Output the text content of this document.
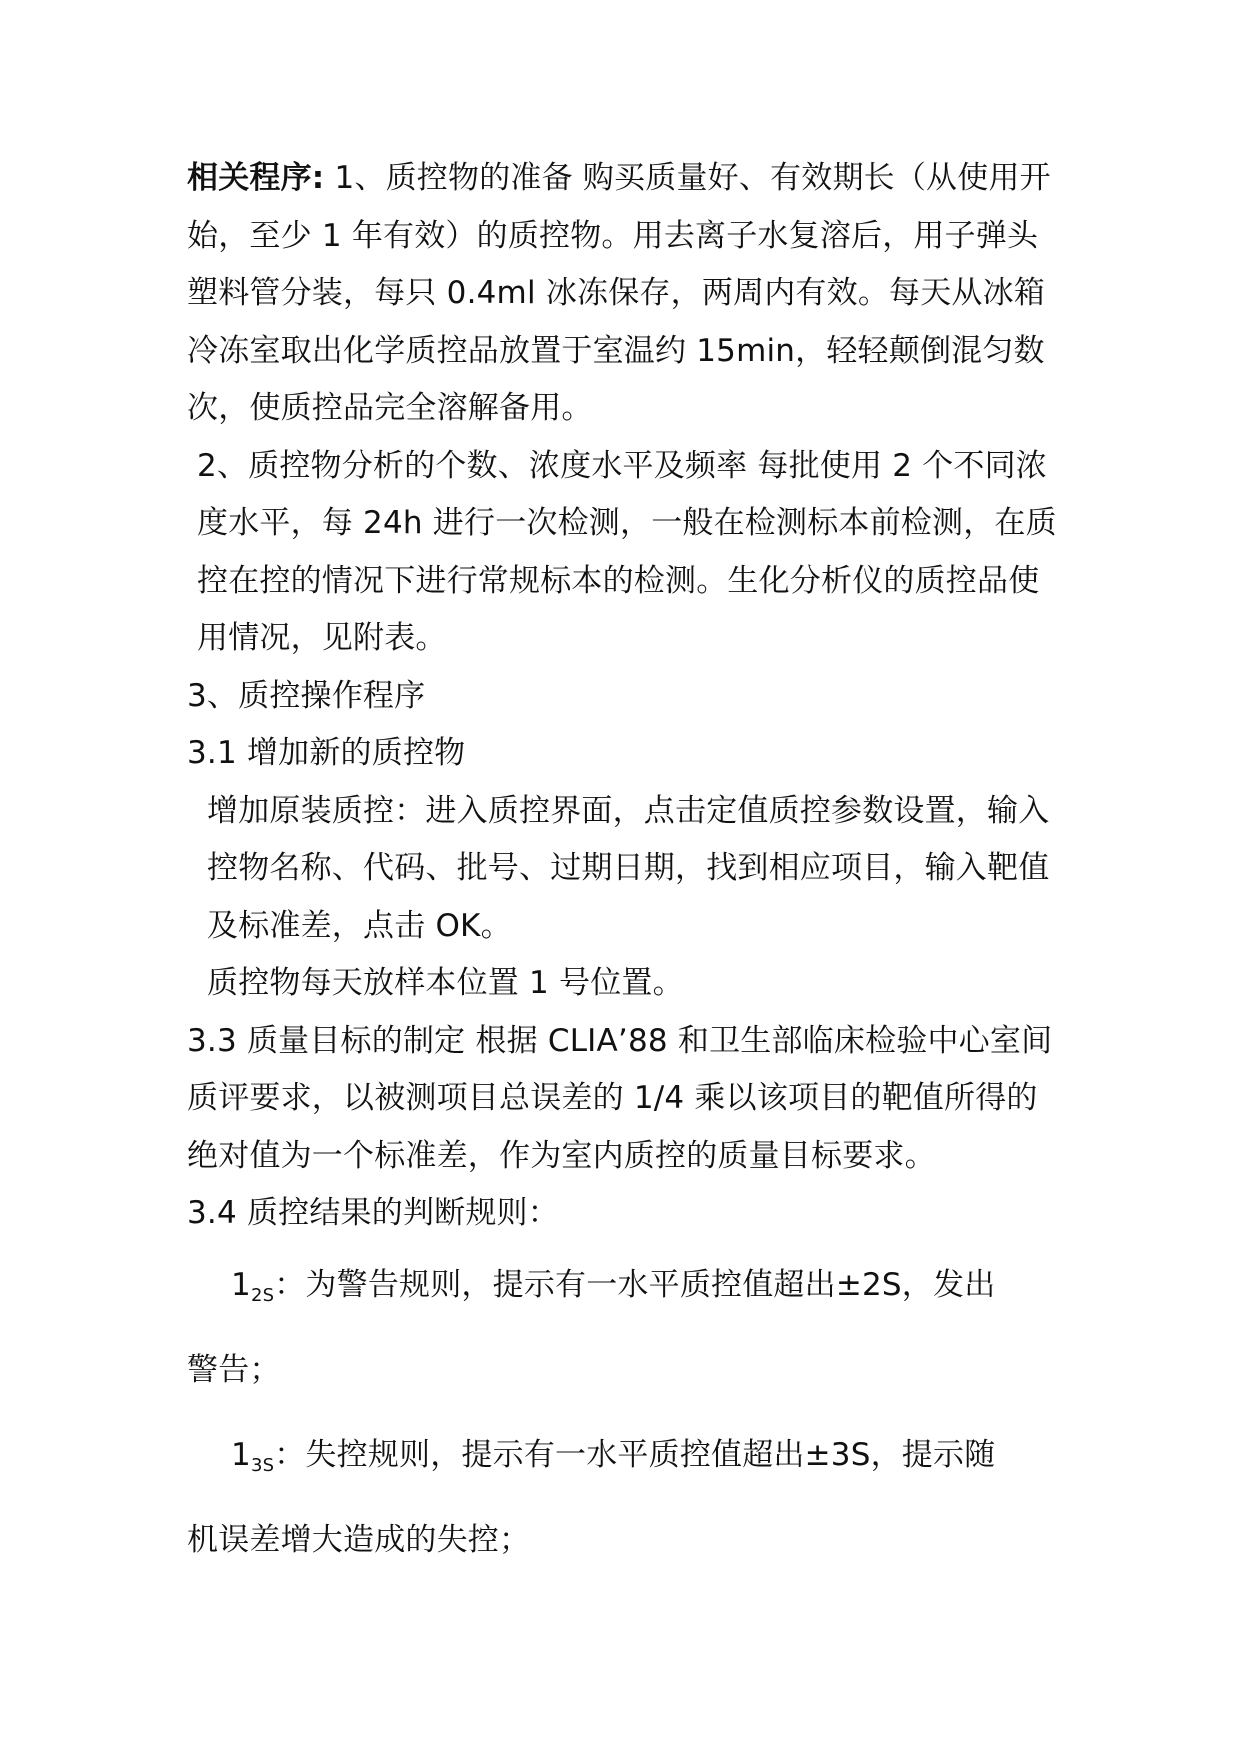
相关程序: 1、质控物的准备 购买质量好、有效期长（从使用开始，至少 1 年有效）的质控物。用去离子水复溶后，用子弹头塑料管分装，每只 0.4ml 冰冻保存，两周内有效。每天从冰箱冷冻室取出化学质控品放置于室温约 15min，轻轻颠倒混匀数次，使质控品完全溶解备用。

2、质控物分析的个数、浓度水平及频率 每批使用 2 个不同浓度水平，每 24h 进行一次检测，一般在检测标本前检测，在质控在控的情况下进行常规标本的检测。生化分析仪的质控品使用情况，见附表。

3、质控操作程序

3.1 增加新的质控物

增加原装质控：进入质控界面，点击定值质控参数设置，输入控物名称、代码、批号、过期日期，找到相应项目，输入靶值及标准差，点击 OK。

质控物每天放样本位置 1 号位置。

3.3 质量目标的制定 根据 CLIA’88 和卫生部临床检验中心室间质评要求，以被测项目总误差的 1/4 乘以该项目的靶值所得的绝对值为一个标准差，作为室内质控的质量目标要求。

3.4 质控结果的判断规则：

$1_{2S}$：为警告规则，提示有一水平质控值超出±2S，发出

警告；

$1_{3S}$：失控规则，提示有一水平质控值超出±3S，提示随

机误差增大造成的失控；
